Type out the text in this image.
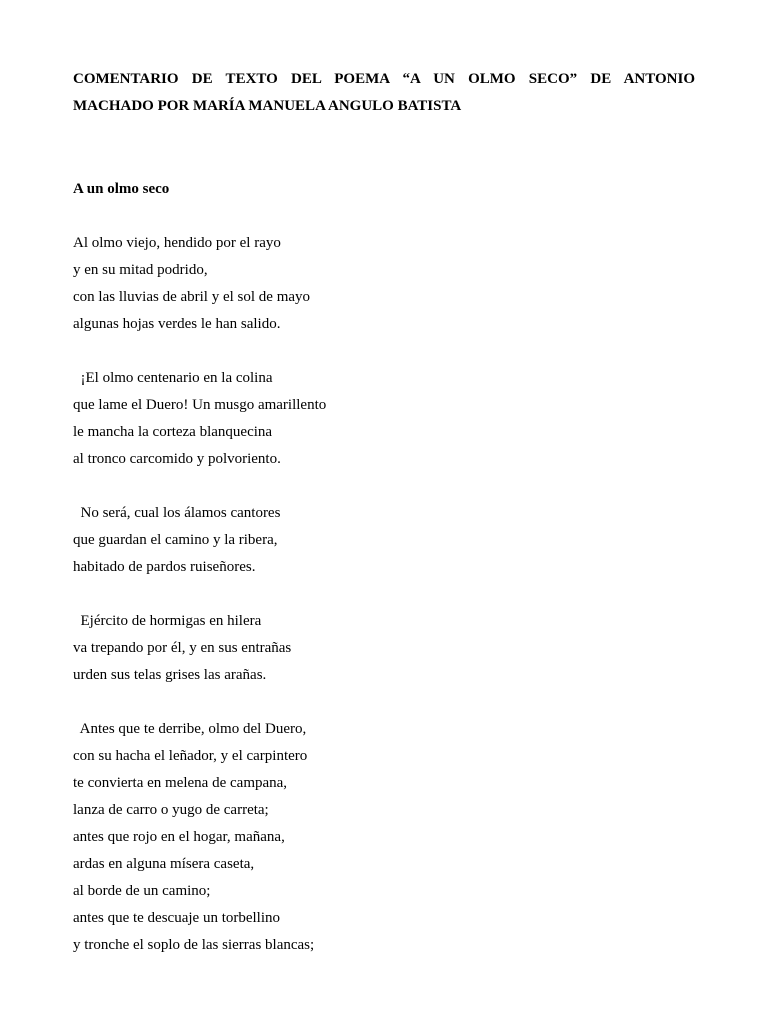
COMENTARIO DE TEXTO DEL POEMA “A UN OLMO SECO” DE ANTONIO
MACHADO POR MARÍA MANUELA ANGULO BATISTA
A un olmo seco

Al olmo viejo, hendido por el rayo
y en su mitad podrido,
con las lluvias de abril y el sol de mayo
algunas hojas verdes le han salido.

¡El olmo centenario en la colina
que lame el Duero! Un musgo amarillento
le mancha la corteza blanquecina
al tronco carcomido y polvoriento.

No será, cual los álamos cantores
que guardan el camino y la ribera,
habitado de pardos ruiseñores.

Ejército de hormigas en hilera
va trepando por él, y en sus entrañas
urden sus telas grises las arañas.

Antes que te derribe, olmo del Duero,
con su hacha el leñador, y el carpintero
te convierta en melena de campana,
lanza de carro o yugo de carreta;
antes que rojo en el hogar, mañana,
ardas en alguna mísera caseta,
al borde de un camino;
antes que te descuaje un torbellino
y tronche el soplo de las sierras blancas;
